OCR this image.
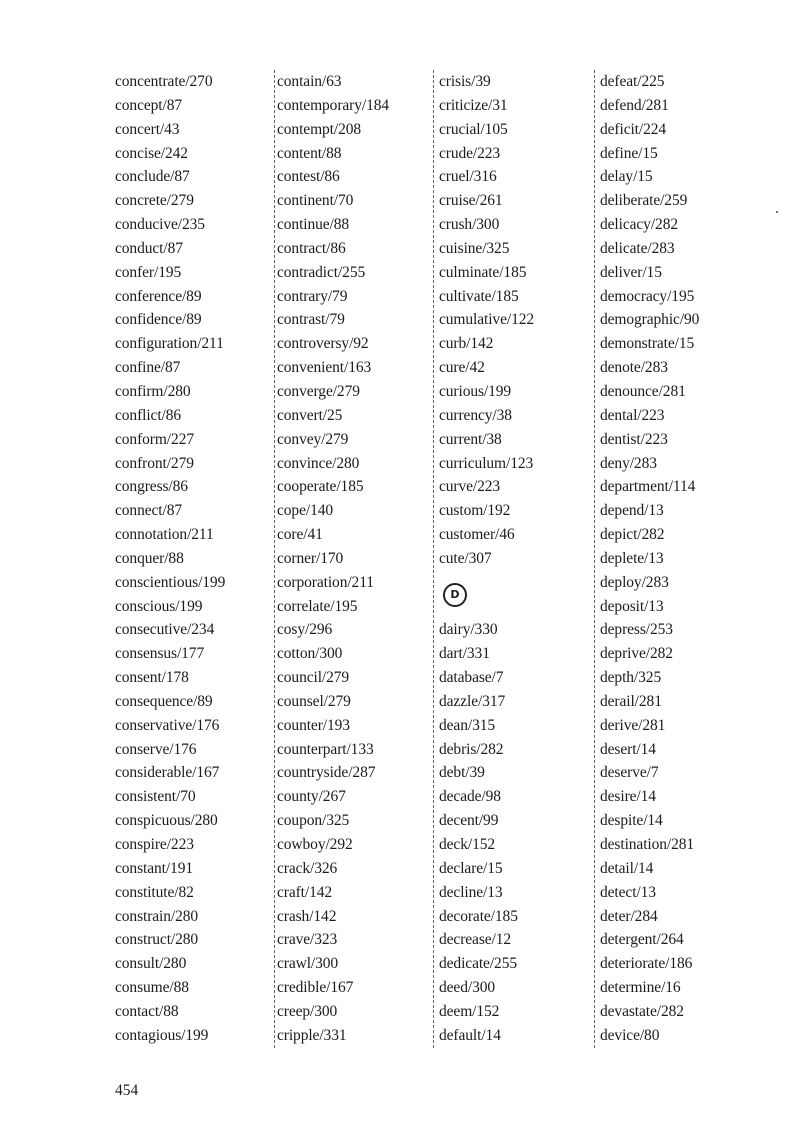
concentrate/270
concept/87
concert/43
concise/242
conclude/87
concrete/279
conducive/235
conduct/87
confer/195
conference/89
confidence/89
configuration/211
confine/87
confirm/280
conflict/86
conform/227
confront/279
congress/86
connect/87
connotation/211
conquer/88
conscientious/199
conscious/199
consecutive/234
consensus/177
consent/178
consequence/89
conservative/176
conserve/176
considerable/167
consistent/70
conspicuous/280
conspire/223
constant/191
constitute/82
constrain/280
construct/280
consult/280
consume/88
contact/88
contagious/199
contain/63
contemporary/184
contempt/208
content/88
contest/86
continent/70
continue/88
contract/86
contradict/255
contrary/79
contrast/79
controversy/92
convenient/163
converge/279
convert/25
convey/279
convince/280
cooperate/185
cope/140
core/41
corner/170
corporation/211
correlate/195
cosy/296
cotton/300
council/279
counsel/279
counter/193
counterpart/133
countryside/287
county/267
coupon/325
cowboy/292
crack/326
craft/142
crash/142
crave/323
crawl/300
credible/167
creep/300
cripple/331
crisis/39
criticize/31
crucial/105
crude/223
cruel/316
cruise/261
crush/300
cuisine/325
culminate/185
cultivate/185
cumulative/122
curb/142
cure/42
curious/199
currency/38
current/38
curriculum/123
curve/223
custom/192
customer/46
cute/307
D
dairy/330
dart/331
database/7
dazzle/317
dean/315
debris/282
debt/39
decade/98
decent/99
deck/152
declare/15
decline/13
decorate/185
decrease/12
dedicate/255
deed/300
deem/152
default/14
defeat/225
defend/281
deficit/224
define/15
delay/15
deliberate/259
delicacy/282
delicate/283
deliver/15
democracy/195
demographic/90
demonstrate/15
denote/283
denounce/281
dental/223
dentist/223
deny/283
department/114
depend/13
depict/282
deplete/13
deploy/283
deposit/13
depress/253
deprive/282
depth/325
derail/281
derive/281
desert/14
deserve/7
desire/14
despite/14
destination/281
detail/14
detect/13
deter/284
detergent/264
deteriorate/186
determine/16
devastate/282
device/80
454
